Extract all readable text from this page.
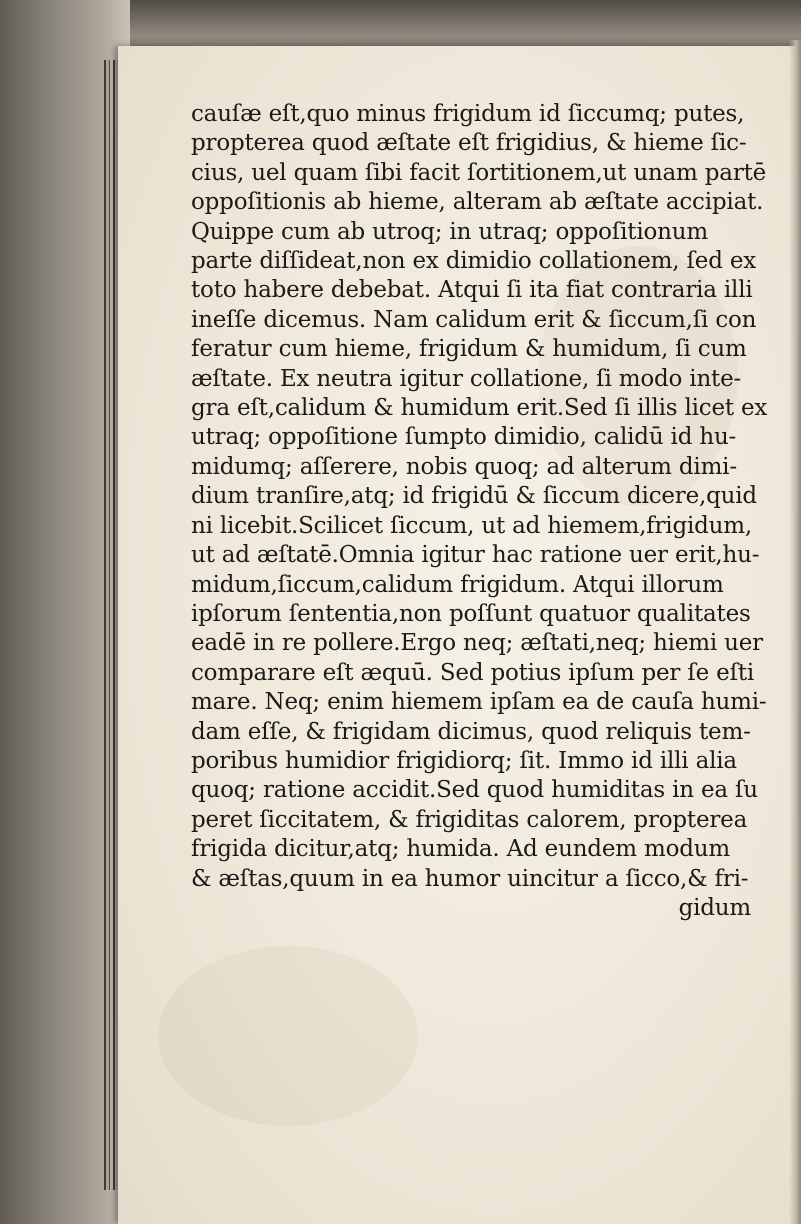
cauſæ eſt,quo minus frigidum id ſiccumq; putes,
propterea quod æſtate eſt frigidius, & hieme ſic-
cius, uel quam ſibi facit ſortitionem,ut unam partē
oppoſitionis ab hieme, alteram ab æſtate accipiat.
Quippe cum ab utroq; in utraq; oppoſitionum
parte diſſideat,non ex dimidio collationem, ſed ex
toto habere debebat. Atqui ſi ita fiat contraria illi
ineſſe dicemus. Nam calidum erit & ſiccum,ſi con
feratur cum hieme, frigidum & humidum, ſi cum
æſtate. Ex neutra igitur collatione, ſi modo inte-
gra eſt,calidum & humidum erit.Sed ſi illis licet ex
utraq; oppoſitione ſumpto dimidio, calidū id hu-
midumq; aſſerere, nobis quoq; ad alterum dimi-
dium tranſire,atq; id frigidū & ſiccum dicere,quid
ni licebit.Scilicet ſiccum, ut ad hiemem,frigidum,
ut ad æſtatē.Omnia igitur hac ratione uer erit,hu-
midum,ſiccum,calidum frigidum. Atqui illorum
ipſorum ſententia,non poſſunt quatuor qualitates
eadē in re pollere.Ergo neq; æſtati,neq; hiemi uer
comparare eſt æquū. Sed potius ipſum per ſe eſti
mare. Neq; enim hiemem ipſam ea de cauſa humi-
dam eſſe, & frigidam dicimus, quod reliquis tem-
poribus humidior frigidiorq; ſit. Immo id illi alia
quoq; ratione accidit.Sed quod humiditas in ea ſu
peret ſiccitatem, & frigiditas calorem, propterea
frigida dicitur,atq; humida. Ad eundem modum
& æſtas,quum in ea humor uincitur a ſicco,& fri-
gidum
